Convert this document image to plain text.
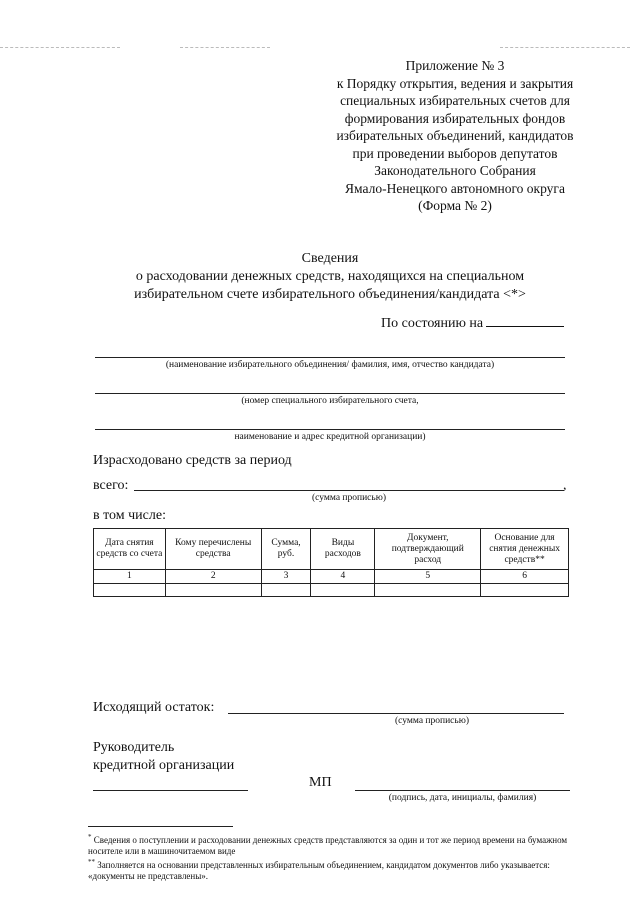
Приложение № 3
к Порядку открытия, ведения и закрытия
специальных избирательных счетов для
формирования избирательных фондов
избирательных объединений, кандидатов
при проведении выборов депутатов
Законодательного Собрания
Ямало-Ненецкого автономного округа
(Форма № 2)
Сведения
о расходовании денежных средств, находящихся на специальном
избирательном счете избирательного объединения/кандидата <*>
По состоянию на
(наименование избирательного объединения/ фамилия, имя, отчество кандидата)
(номер специального избирательного счета,
наименование и адрес кредитной организации)
Израсходовано средств за период
всего:	,
(сумма прописью)
в том числе:
Дата снятия средств со счета	Кому перечислены средства	Сумма, руб.	Виды расходов	Документ, подтверждающий расход	Основание для снятия денежных средств**
1	2	3	4	5	6

Исходящий остаток:
(сумма прописью)
Руководитель
кредитной организации
МП
(подпись, дата, инициалы, фамилия)
* Сведения о поступлении и расходовании денежных средств представляются за один и тот же период времени на бумажном носителе или в машиночитаемом виде
** Заполняется на основании представленных избирательным объединением, кандидатом документов либо указывается: «документы не представлены».
